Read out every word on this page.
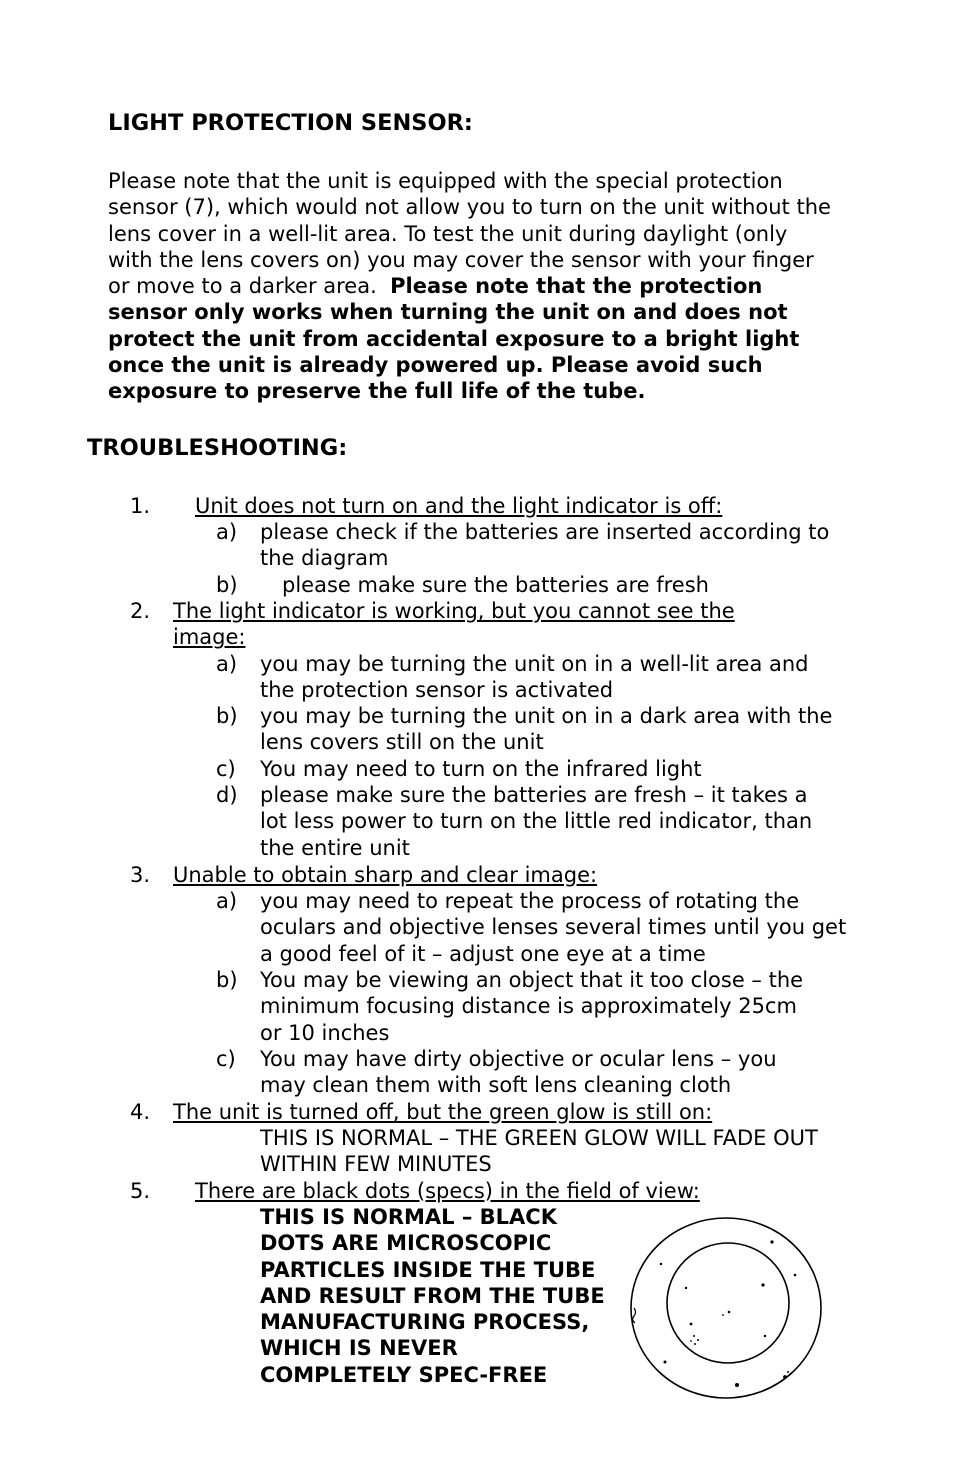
LIGHT PROTECTION SENSOR:
Please note that the unit is equipped with the special protection sensor (7), which would not allow you to turn on the unit without the lens cover in a well-lit area. To test the unit during daylight (only with the lens covers on) you may cover the sensor with your finger or move to a darker area. Please note that the protection sensor only works when turning the unit on and does not protect the unit from accidental exposure to a bright light once the unit is already powered up. Please avoid such exposure to preserve the full life of the tube.
TROUBLESHOOTING:
1. Unit does not turn on and the light indicator is off:
a) please check if the batteries are inserted according to the diagram
b) please make sure the batteries are fresh
2. The light indicator is working, but you cannot see the image:
a) you may be turning the unit on in a well-lit area and the protection sensor is activated
b) you may be turning the unit on in a dark area with the lens covers still on the unit
c) You may need to turn on the infrared light
d) please make sure the batteries are fresh – it takes a lot less power to turn on the little red indicator, than the entire unit
3. Unable to obtain sharp and clear image:
a) you may need to repeat the process of rotating the oculars and objective lenses several times until you get a good feel of it – adjust one eye at a time
b) You may be viewing an object that it too close – the minimum focusing distance is approximately 25cm or 10 inches
c) You may have dirty objective or ocular lens – you may clean them with soft lens cleaning cloth
4. The unit is turned off, but the green glow is still on:
THIS IS NORMAL – THE GREEN GLOW WILL FADE OUT WITHIN FEW MINUTES
5. There are black dots (specs) in the field of view:
THIS IS NORMAL – BLACK DOTS ARE MICROSCOPIC PARTICLES INSIDE THE TUBE AND RESULT FROM THE TUBE MANUFACTURING PROCESS, WHICH IS NEVER COMPLETELY SPEC-FREE
